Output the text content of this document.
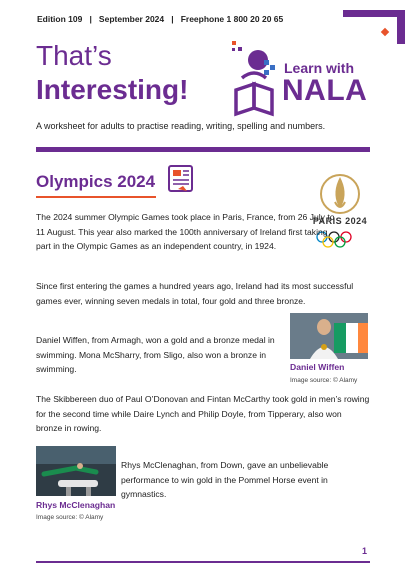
Edition 109 | September 2024 | Freephone 1 800 20 20 65
That’s
Interesting!
Learn with
NALA
A worksheet for adults to practise reading, writing, spelling and numbers.
Olympics 2024
PARIS 2024
The 2024 summer Olympic Games took place in Paris, France, from 26 July to 11 August. This year also marked the 100th anniversary of Ireland first taking part in the Olympic Games as an independent country, in 1924.
Since first entering the games a hundred years ago, Ireland had its most successful games ever, winning seven medals in total, four gold and three bronze.
Daniel Wiffen, from Armagh, won a gold and a bronze medal in swimming. Mona McSharry, from Sligo, also won a bronze in swimming.	Daniel Wiffen
Image source: © Alamy
The Skibbereen duo of Paul O’Donovan and Fintan McCarthy took gold in men’s rowing for the second time while Daire Lynch and Philip Doyle, from Tipperary, also won bronze in rowing.
Rhys McClenaghan, from Down, gave an unbelievable performance to win gold in the Pommel Horse event in gymnastics.
Rhys McClenaghan
Image source: © Alamy
1
